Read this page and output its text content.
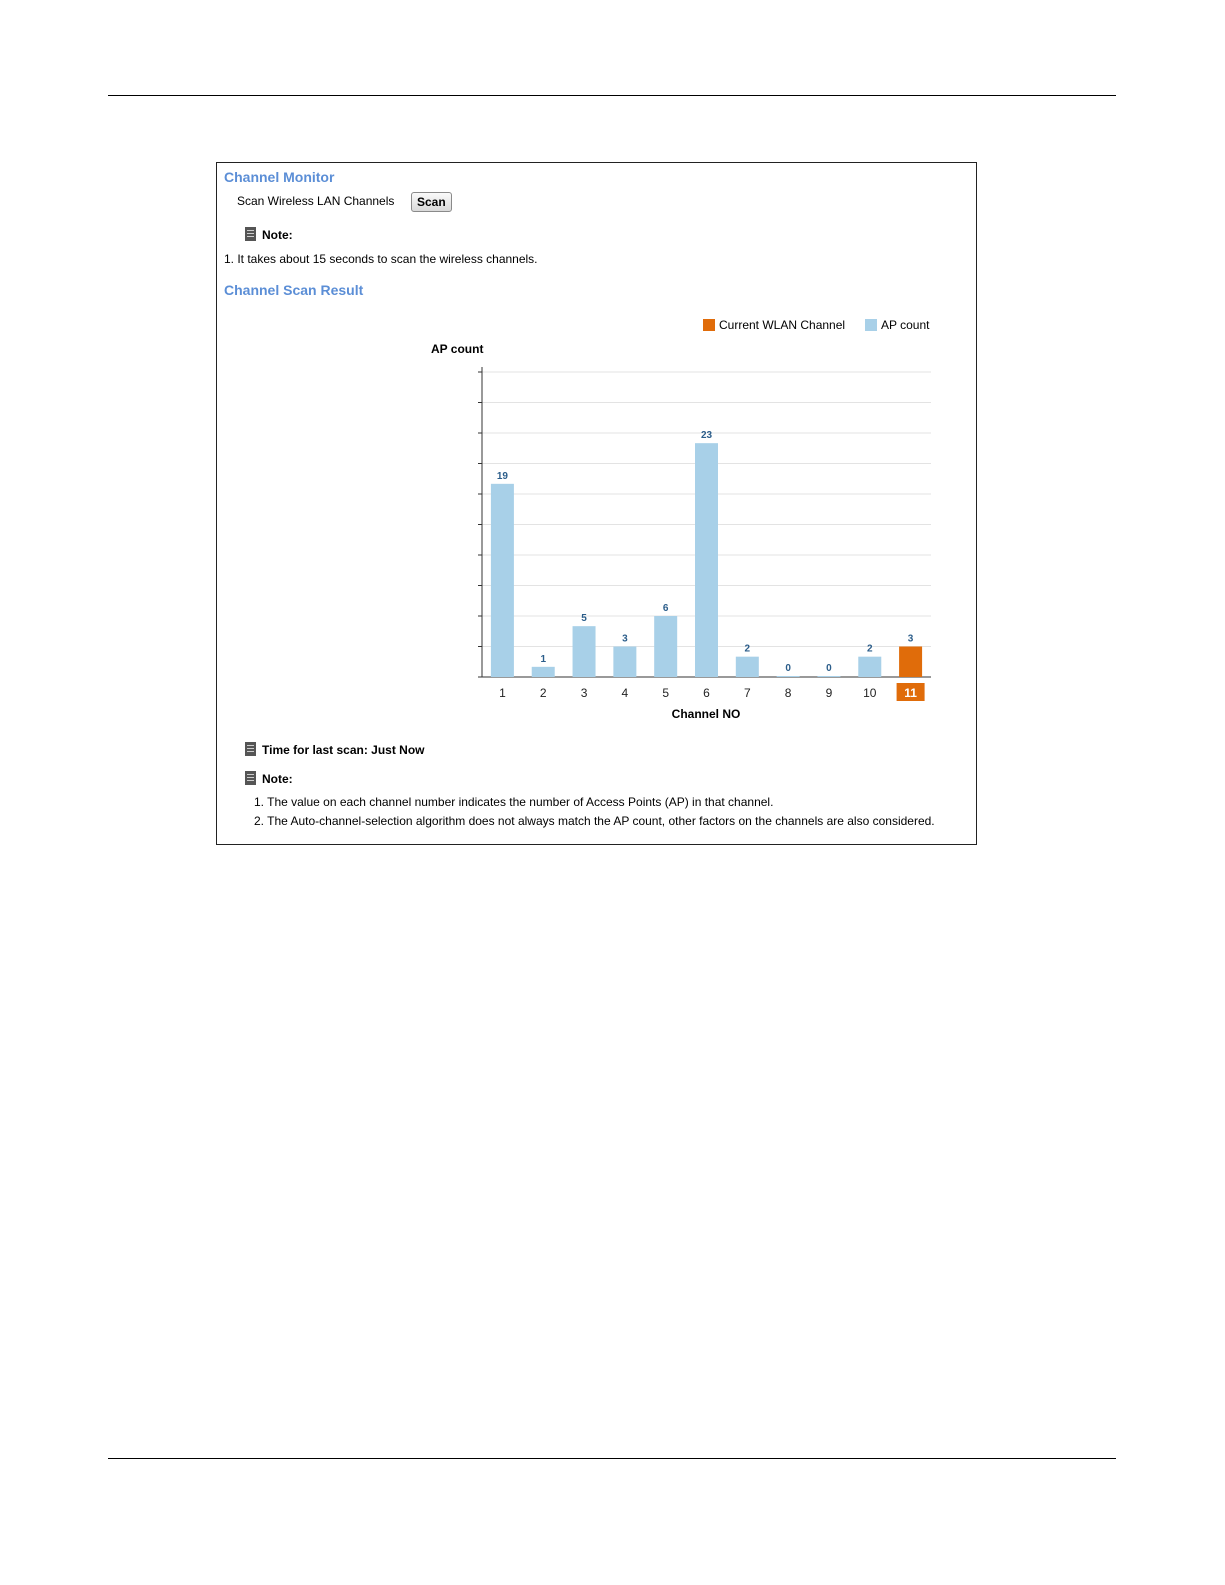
Channel Monitor
Scan Wireless LAN Channels	Scan
Note:
1. It takes about 15 seconds to scan the wireless channels.
Channel Scan Result
Current WLAN Channel	AP count
AP count
Channel NO
19
1
5
3
6
23
2
0	0
2
3
1	2	3	4	5	6	7	8	9	10 11
Time for last scan: Just Now
Note:
1. The value on each channel number indicates the number of Access Points (AP) in that channel.
2. The Auto-channel-selection algorithm does not always match the AP count, other factors on the channels are also considered.
